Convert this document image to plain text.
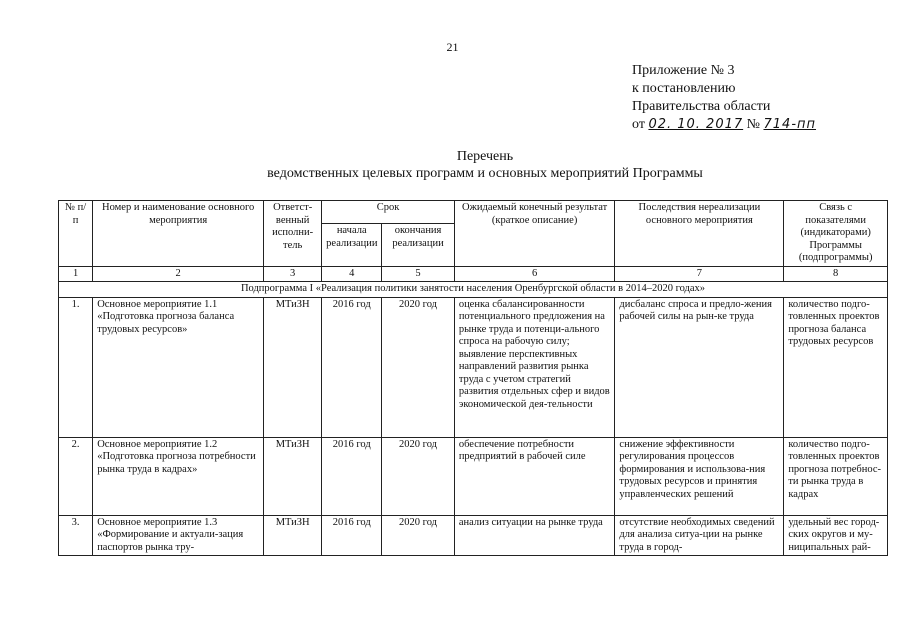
21
Приложение № 3
к постановлению
Правительства области
от 02. 10. 2017 № 714-пп
Перечень
ведомственных целевых программ и основных мероприятий Программы
№ п/п	Номер и наименование основного мероприятия	Ответст-венный исполни-тель	Срок		Ожидаемый конечный результат (краткое описание)	Последствия нереализации основного мероприятия	Связь с показателями (индикаторами) Программы (подпрограммы)
			начала реализации	окончания реализации			
1	2	3	4	5	6	7	8
Подпрограмма I «Реализация политики занятости населения Оренбургской области в 2014–2020 годах»							
1.	Основное мероприятие 1.1 «Подготовка прогноза баланса трудовых ресурсов»	МТиЗН	2016 год	2020 год	оценка сбалансированности потенциального предложения на рынке труда и потенци-ального спроса на рабочую силу; выявление перспективных направлений развития рынка труда с учетом стратегий развития отдельных сфер и видов экономической дея-тельности	дисбаланс спроса и предло-жения рабочей силы на рын-ке труда	количество подго-товленных проектов прогноза баланса трудовых ресурсов
2.	Основное мероприятие 1.2 «Подготовка прогноза потребности рынка труда в кадрах»	МТиЗН	2016 год	2020 год	обеспечение потребности предприятий в рабочей силе	снижение эффективности регулирования процессов формирования и использова-ния трудовых ресурсов и принятия управленческих решений	количество подго-товленных проектов прогноза потребнос-ти рынка труда в кадрах
3.	Основное мероприятие 1.3 «Формирование и актуали-зация паспортов рынка тру-	МТиЗН	2016 год	2020 год	анализ ситуации на рынке труда	отсутствие необходимых сведений для анализа ситуа-ции на рынке труда в город-	удельный вес город-ских округов и му-ниципальных рай-
